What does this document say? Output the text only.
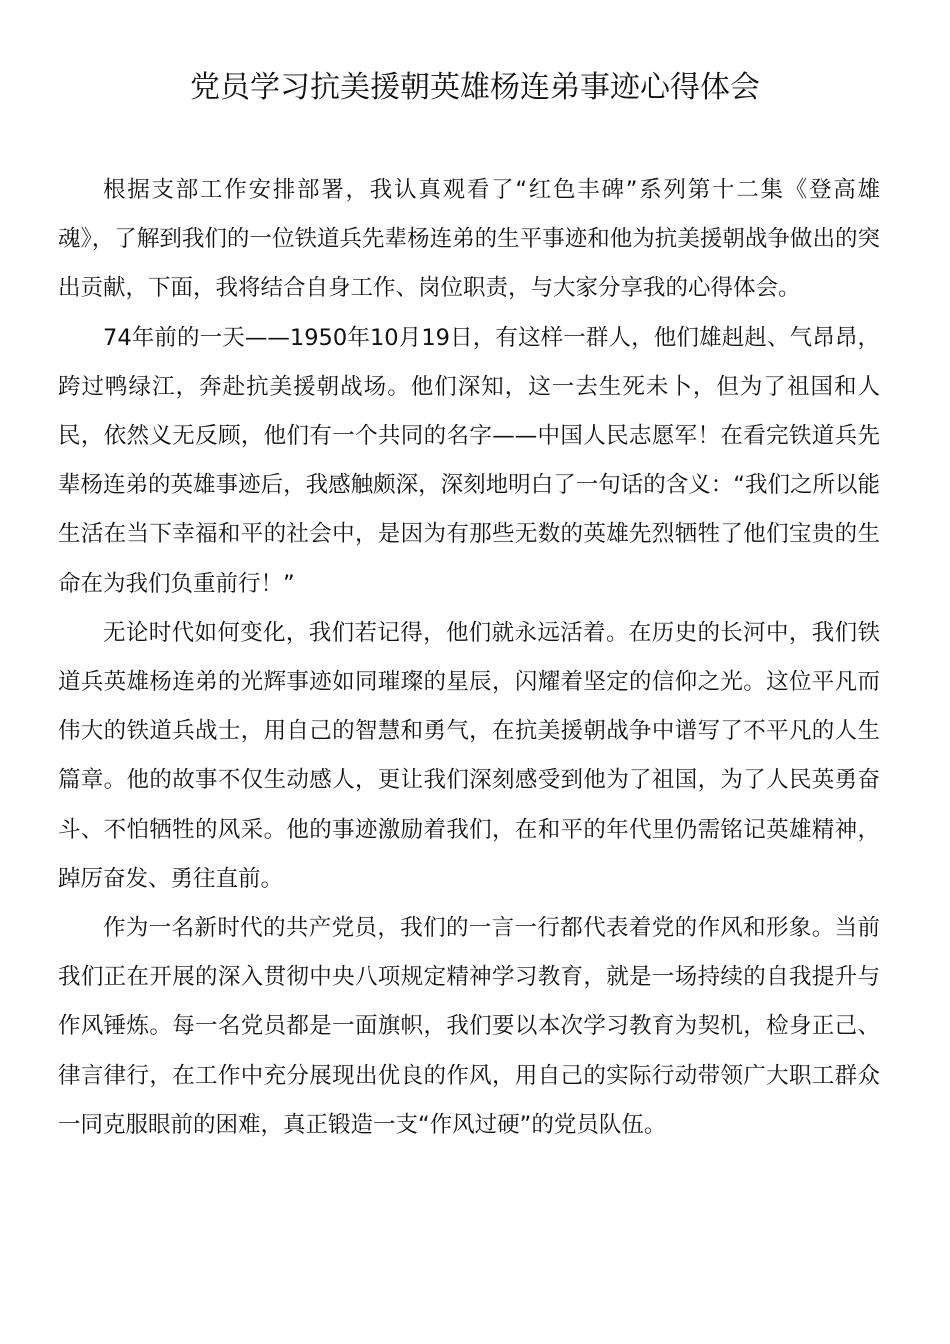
党员学习抗美援朝英雄杨连弟事迹心得体会

根据支部工作安排部署，我认真观看了“红色丰碑”系列第十二集《登高雄魂》，了解到我们的一位铁道兵先辈杨连弟的生平事迹和他为抗美援朝战争做出的突出贡献，下面，我将结合自身工作、岗位职责，与大家分享我的心得体会。

74年前的一天——1950年10月19日，有这样一群人，他们雄赳赳、气昂昂，跨过鸭绿江，奔赴抗美援朝战场。他们深知，这一去生死未卜，但为了祖国和人民，依然义无反顾，他们有一个共同的名字——中国人民志愿军！在看完铁道兵先辈杨连弟的英雄事迹后，我感触颇深，深刻地明白了一句话的含义：“我们之所以能生活在当下幸福和平的社会中，是因为有那些无数的英雄先烈牺牲了他们宝贵的生命在为我们负重前行！”

无论时代如何变化，我们若记得，他们就永远活着。在历史的长河中，我们铁道兵英雄杨连弟的光辉事迹如同璀璨的星辰，闪耀着坚定的信仰之光。这位平凡而伟大的铁道兵战士，用自己的智慧和勇气，在抗美援朝战争中谱写了不平凡的人生篇章。他的故事不仅生动感人，更让我们深刻感受到他为了祖国，为了人民英勇奋斗、不怕牺牲的风采。他的事迹激励着我们，在和平的年代里仍需铭记英雄精神，踔厉奋发、勇往直前。

作为一名新时代的共产党员，我们的一言一行都代表着党的作风和形象。当前我们正在开展的深入贯彻中央八项规定精神学习教育，就是一场持续的自我提升与作风锤炼。每一名党员都是一面旗帜，我们要以本次学习教育为契机，检身正己、律言律行，在工作中充分展现出优良的作风，用自己的实际行动带领广大职工群众一同克服眼前的困难，真正锻造一支“作风过硬”的党员队伍。
